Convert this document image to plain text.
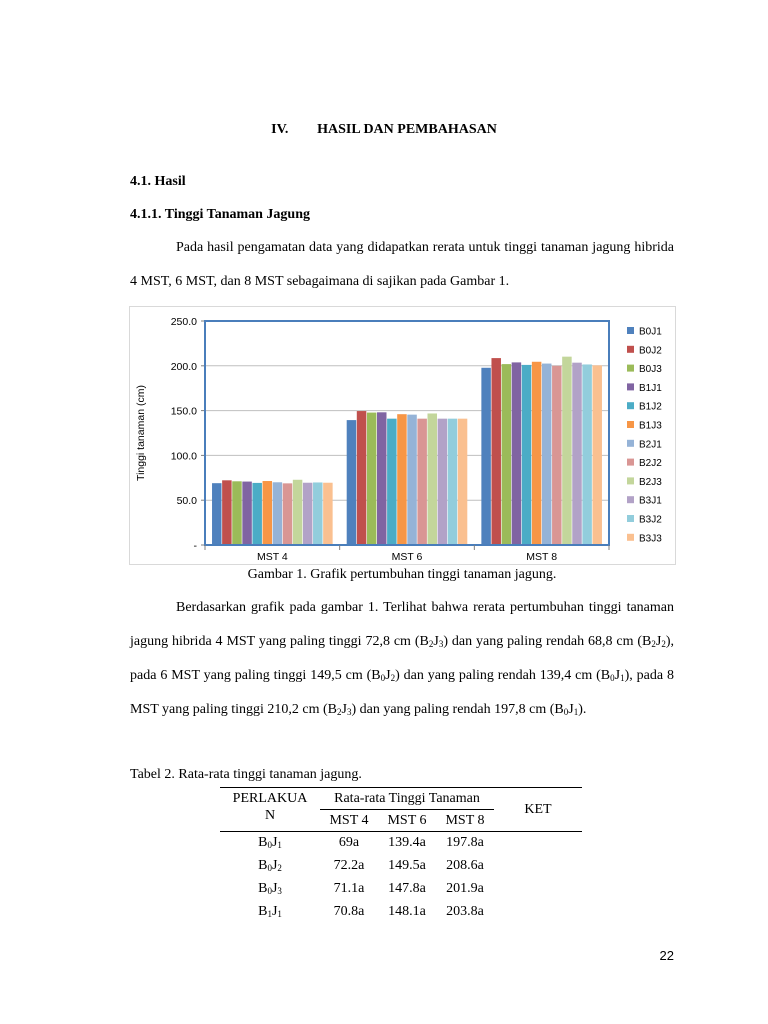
IV. HASIL DAN PEMBAHASAN
4.1. Hasil
4.1.1. Tinggi Tanaman Jagung

Pada hasil pengamatan data yang didapatkan rerata untuk tinggi tanaman jagung hibrida 4 MST, 6 MST, dan 8 MST sebagaimana di sajikan pada Gambar 1.

-
50.0
100.0
150.0
200.0
250.0
Tinggi tanaman (cm)
MST 4	MST 6	MST 8
B0J1
B0J2
B0J3
B1J1
B1J2
B1J3
B2J1
B2J2
B2J3
B3J1
B3J2
B3J3
Gambar 1. Grafik pertumbuhan tinggi tanaman jagung.

Berdasarkan grafik pada gambar 1. Terlihat bahwa rerata pertumbuhan tinggi tanaman jagung hibrida 4 MST yang paling tinggi 72,8 cm $(B_2J_3)$ dan yang paling rendah 68,8 cm $(B_2J_2)$, pada 6 MST yang paling tinggi 149,5 cm $(B_0J_2)$ dan yang paling rendah 139,4 cm $(B_0J_1)$, pada 8 MST yang paling tinggi 210,2 cm $(B_2J_3)$ dan yang paling rendah 197,8 cm $(B_0J_1)$.

Tabel 2. Rata-rata tinggi tanaman jagung.
PERLAKUA
N	Rata-rata Tinggi Tanaman			KET
	MST 4	MST 6	MST 8	
$B_0J_1$	69a	139.4a	197.8a	
$B_0J_2$	72.2a	149.5a	208.6a	
$B_0J_3$	71.1a	147.8a	201.9a	
$B_1J_1$	70.8a	148.1a	203.8a	
22
